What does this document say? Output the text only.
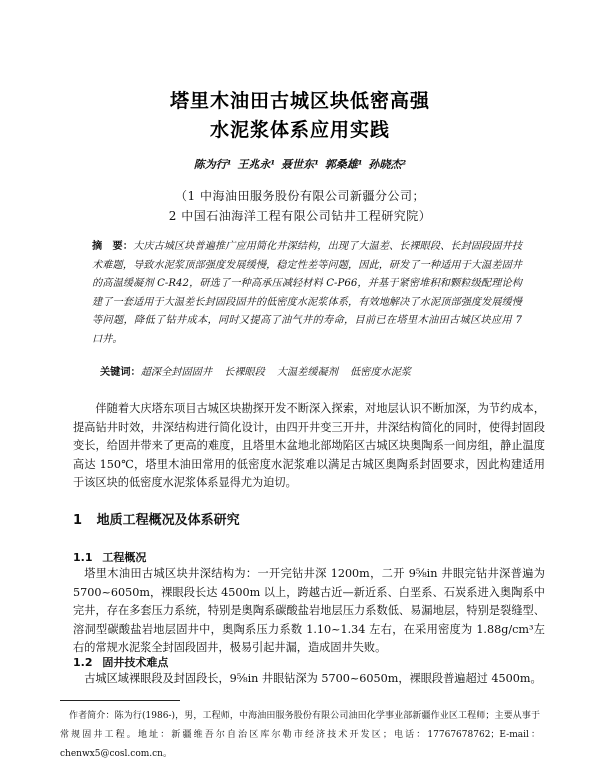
塔里木油田古城区块低密高强
水泥浆体系应用实践
陈为行¹ 王兆永¹ 聂世东¹ 郭桑雄¹ 孙晓杰²
（1 中海油田服务股份有限公司新疆分公司；
2 中国石油海洋工程有限公司钻井工程研究院）

摘　要：大庆古城区块普遍推广应用简化井深结构，出现了大温差、长裸眼段、长封固段固井技术难题，导致水泥浆顶部强度发展缓慢，稳定性差等问题，因此，研发了一种适用于大温差固井的高温缓凝剂 C-R42，研选了一种高承压减轻材料 C-P66，并基于紧密堆积和颗粒级配理论构建了一套适用于大温差长封固段固井的低密度水泥浆体系，有效地解决了水泥顶部强度发展缓慢等问题，降低了钻井成本，同时又提高了油气井的寿命，目前已在塔里木油田古城区块应用 7 口井。

关键词：超深全封固固井 长裸眼段 大温差缓凝剂 低密度水泥浆

伴随着大庆塔东项目古城区块勘探开发不断深入探索，对地层认识不断加深，为节约成本，提高钻井时效，井深结构进行简化设计，由四开井变三开井，井深结构简化的同时，使得封固段变长，给固井带来了更高的难度，且塔里木盆地北部坳陷区古城区块奥陶系一间房组，静止温度高达 150℃，塔里木油田常用的低密度水泥浆难以满足古城区奥陶系封固要求，因此构建适用于该区块的低密度水泥浆体系显得尤为迫切。

1 地质工程概况及体系研究
1.1 工程概况

塔里木油田古城区块井深结构为：一开完钻井深 1200m，二开 9⅝in 井眼完钻井深普遍为 5700~6050m，裸眼段长达 4500m 以上，跨越古近—新近系、白垩系、石炭系进入奥陶系中完井，存在多套压力系统，特别是奥陶系碳酸盐岩地层压力系数低、易漏地层，特别是裂缝型、溶洞型碳酸盐岩地层固井中，奥陶系压力系数 1.10~1.34 左右，在采用密度为 1.88g/cm³左右的常规水泥浆全封固段固井，极易引起井漏，造成固井失败。

1.2 固井技术难点

古城区域裸眼段及封固段长，9⅝in 井眼钻深为 5700~6050m，裸眼段普遍超过 4500m。

作者简介：陈为行(1986-)，男，工程师，中海油田服务股份有限公司油田化学事业部新疆作业区工程师；主要从事于常规固井工程。地址：新疆维吾尔自治区库尔勒市经济技术开发区；电话：17767678762；E-mail：chenwx5@cosl.com.cn。
